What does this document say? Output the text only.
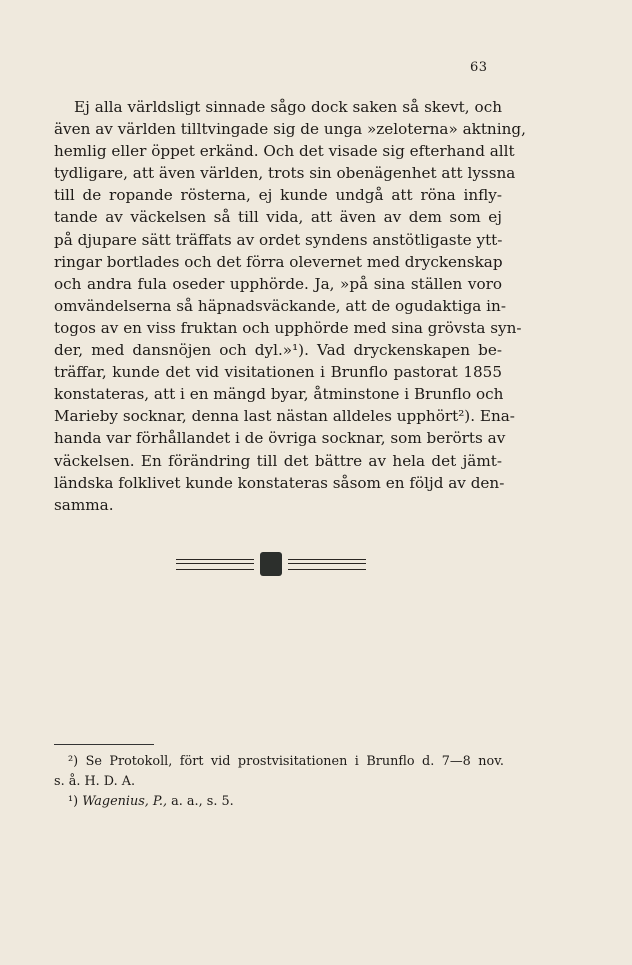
63
Ej alla världsligt sinnade sågo dock saken så skevt, och
även av världen tilltvingade sig de unga »zeloterna» aktning,
hemlig eller öppet erkänd. Och det visade sig efterhand allt
tydligare, att även världen, trots sin obenägenhet att lyssna
till de ropande rösterna, ej kunde undgå att röna infly-
tande av väckelsen så till vida, att även av dem som ej
på djupare sätt träffats av ordet syndens anstötligaste ytt-
ringar bortlades och det förra olevernet med dryckenskap
och andra fula oseder upphörde. Ja, »på sina ställen voro
omvändelserna så häpnadsväckande, att de ogudaktiga in-
togos av en viss fruktan och upphörde med sina grövsta syn-
der, med dansnöjen och dyl.»¹). Vad dryckenskapen be-
träffar, kunde det vid visitationen i Brunflo pastorat 1855
konstateras, att i en mängd byar, åtminstone i Brunflo och
Marieby socknar, denna last nästan alldeles upphört²). Ena-
handa var förhållandet i de övriga socknar, som berörts av
väckelsen. En förändring till det bättre av hela det jämt-
ländska folklivet kunde konstateras såsom en följd av den-
samma.
²) Se Protokoll, fört vid prostvisitationen i Brunflo d. 7—8 nov.
s. å. H. D. A.
¹) Wagenius, P., a. a., s. 5.
